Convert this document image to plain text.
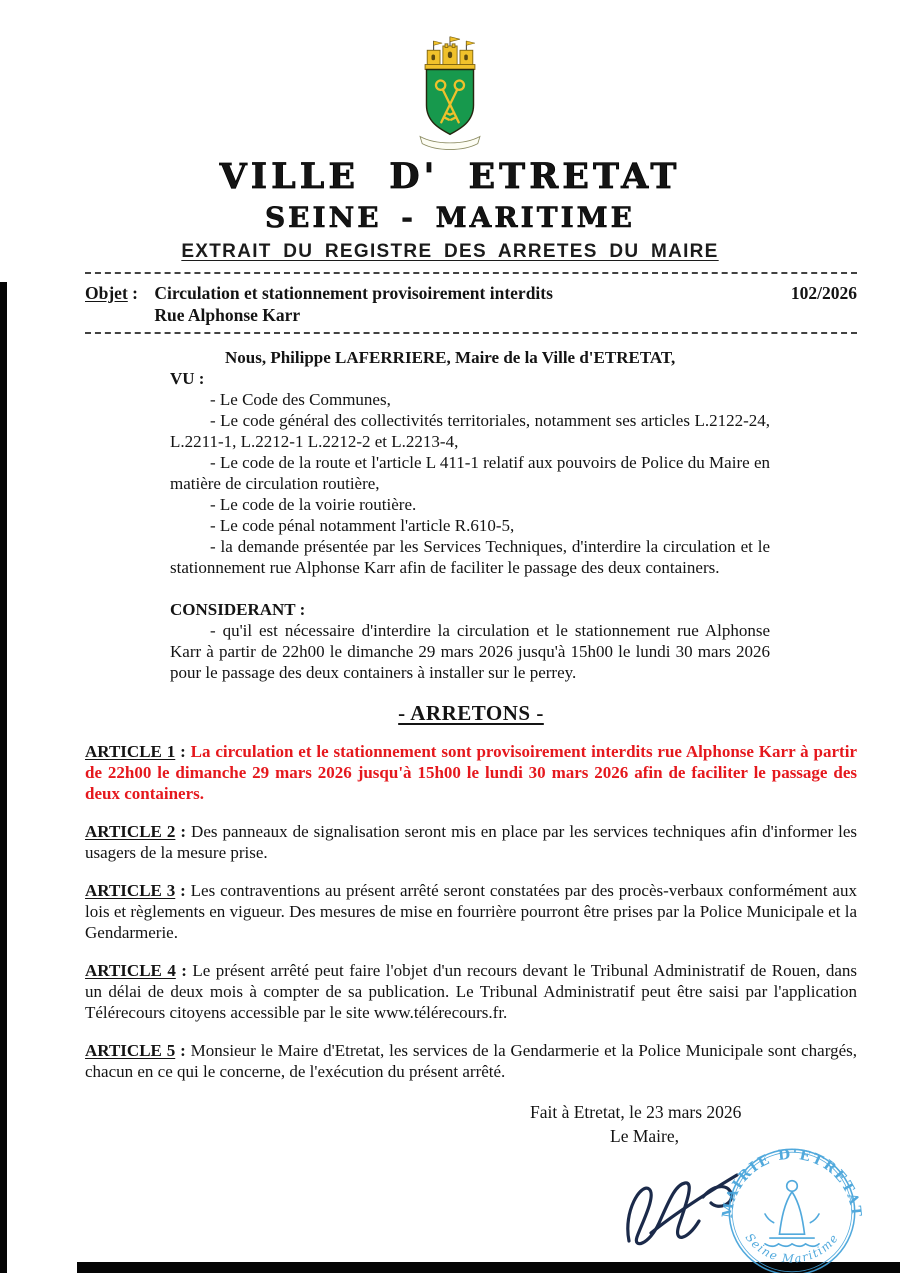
VILLE D' ETRETAT
SEINE - MARITIME
EXTRAIT DU REGISTRE DES ARRETES DU MAIRE
Objet : Circulation et stationnement provisoirement interdits
Rue Alphonse Karr
102/2026

Nous, Philippe LAFERRIERE, Maire de la Ville d'ETRETAT,

VU :

- Le Code des Communes,

- Le code général des collectivités territoriales, notamment ses articles L.2122-24, L.2211-1, L.2212-1 L.2212-2 et L.2213-4,

- Le code de la route et l'article L 411-1 relatif aux pouvoirs de Police du Maire en matière de circulation routière,

- Le code de la voirie routière.

- Le code pénal notamment l'article R.610-5,

- la demande présentée par les Services Techniques, d'interdire la circulation et le stationnement rue Alphonse Karr afin de faciliter le passage des deux containers.

CONSIDERANT :

- qu'il est nécessaire d'interdire la circulation et le stationnement rue Alphonse Karr à partir de 22h00 le dimanche 29 mars 2026 jusqu'à 15h00 le lundi 30 mars 2026 pour le passage des deux containers à installer sur le perrey.

- ARRETONS -

ARTICLE 1 : La circulation et le stationnement sont provisoirement interdits rue Alphonse Karr à partir de 22h00 le dimanche 29 mars 2026 jusqu'à 15h00 le lundi 30 mars 2026 afin de faciliter le passage des deux containers.

ARTICLE 2 : Des panneaux de signalisation seront mis en place par les services techniques afin d'informer les usagers de la mesure prise.

ARTICLE 3 : Les contraventions au présent arrêté seront constatées par des procès-verbaux conformément aux lois et règlements en vigueur. Des mesures de mise en fourrière pourront être prises par la Police Municipale et la Gendarmerie.

ARTICLE 4 : Le présent arrêté peut faire l'objet d'un recours devant le Tribunal Administratif de Rouen, dans un délai de deux mois à compter de sa publication. Le Tribunal Administratif peut être saisi par l'application Télérecours citoyens accessible par le site www.télérecours.fr.

ARTICLE 5 : Monsieur le Maire d'Etretat, les services de la Gendarmerie et la Police Municipale sont chargés, chacun en ce qui le concerne, de l'exécution du présent arrêté.

Fait à Etretat, le 23 mars 2026
Le Maire,
MAIRIE D'ETRETAT
Seine Maritime
